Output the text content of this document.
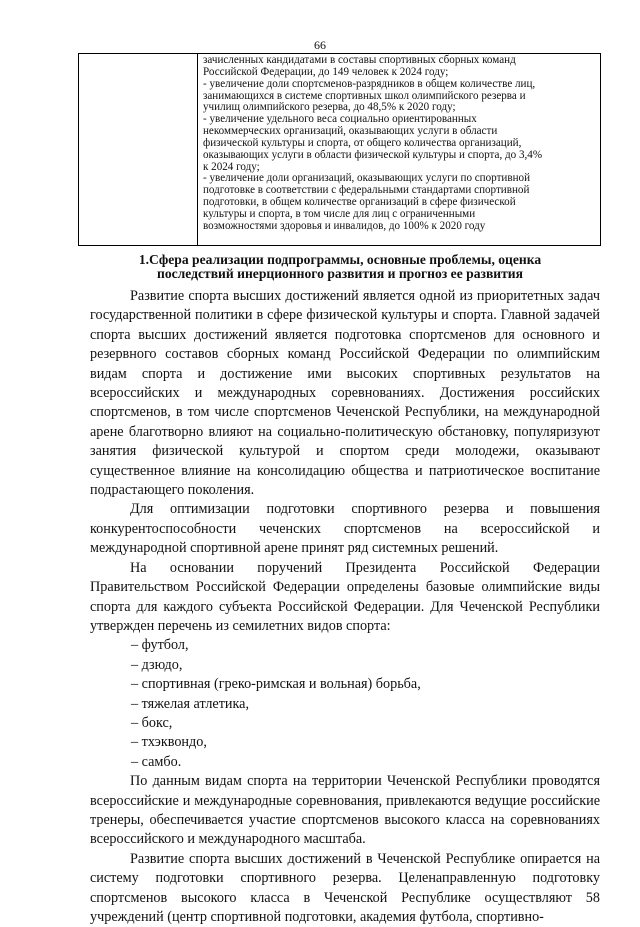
66
зачисленных кандидатами в составы спортивных сборных команд
Российской Федерации, до 149 человек к 2024 году;
- увеличение доли спортсменов-разрядников в общем количестве лиц,
занимающихся в системе спортивных школ олимпийского резерва и
училищ олимпийского резерва, до 48,5% к 2020 году;
- увеличение удельного веса социально ориентированных
некоммерческих организаций, оказывающих услуги в области
физической культуры и спорта, от общего количества организаций,
оказывающих услуги в области физической культуры и спорта, до 3,4%
к 2024 году;
- увеличение доли организаций, оказывающих услуги по спортивной
подготовке в соответствии с федеральными стандартами спортивной
подготовки, в общем количестве организаций в сфере физической
культуры и спорта, в том числе для лиц с ограниченными
возможностями здоровья и инвалидов, до 100% к 2020 году
1.Сфера реализации подпрограммы, основные проблемы, оценка
последствий инерционного развития и прогноз ее развития

Развитие спорта высших достижений является одной из приоритетных задач государственной политики в сфере физической культуры и спорта. Главной задачей спорта высших достижений является подготовка спортсменов для основного и резервного составов сборных команд Российской Федерации по олимпийским видам спорта и достижение ими высоких спортивных результатов на всероссийских и международных соревнованиях. Достижения российских спортсменов, в том числе спортсменов Чеченской Республики, на международной арене благотворно влияют на социально-политическую обстановку, популяризуют занятия физической культурой и спортом среди молодежи, оказывают существенное влияние на консолидацию общества и патриотическое воспитание подрастающего поколения.

Для оптимизации подготовки спортивного резерва и повышения конкурентоспособности чеченских спортсменов на всероссийской и международной спортивной арене принят ряд системных решений.

На основании поручений Президента Российской Федерации Правительством Российской Федерации определены базовые олимпийские виды спорта для каждого субъекта Российской Федерации. Для Чеченской Республики утвержден перечень из семилетних видов спорта:

– футбол,
– дзюдо,
– спортивная (греко-римская и вольная) борьба,
– тяжелая атлетика,
– бокс,
– тхэквондо,
– самбо.

По данным видам спорта на территории Чеченской Республики проводятся всероссийские и международные соревнования, привлекаются ведущие российские тренеры, обеспечивается участие спортсменов высокого класса на соревнованиях всероссийского и международного масштаба.

Развитие спорта высших достижений в Чеченской Республике опирается на систему подготовки спортивного резерва. Целенаправленную подготовку спортсменов высокого класса в Чеченской Республике осуществляют 58 учреждений (центр спортивной подготовки, академия футбола, спортивно-
